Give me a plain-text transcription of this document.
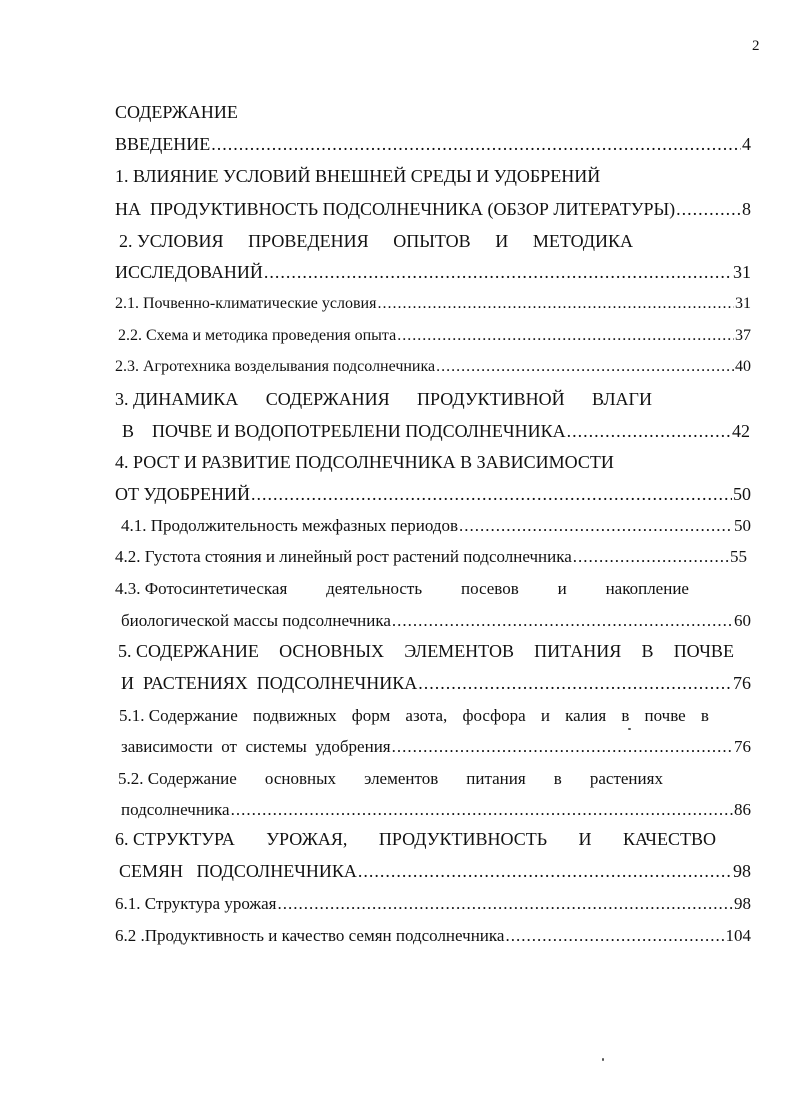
2
СОДЕРЖАНИЕ
ВВЕДЕНИЕ .....	4
1. ВЛИЯНИЕ УСЛОВИЙ ВНЕШНЕЙ СРЕДЫ И УДОБРЕНИЙ
НА  ПРОДУКТИВНОСТЬ ПОДСОЛНЕЧНИКА (ОБЗОР ЛИТЕРАТУРЫ) .....	8
2. УСЛОВИЯ ПРОВЕДЕНИЯ ОПЫТОВ И МЕТОДИКА
ИССЛЕДОВАНИЙ .....	31
2.1. Почвенно-климатические условия .....	31
2.2. Схема и методика проведения опыта .....	37
2.3. Агротехника возделывания подсолнечника .....	40
3. ДИНАМИКА СОДЕРЖАНИЯ ПРОДУКТИВНОЙ ВЛАГИ
В    ПОЧВЕ И ВОДОПОТРЕБЛЕНИ ПОДСОЛНЕЧНИКА .....	42
4. РОСТ И РАЗВИТИЕ ПОДСОЛНЕЧНИКА В ЗАВИСИМОСТИ
ОТ УДОБРЕНИЙ .....	50
4.1. Продолжительность межфазных периодов .....	50
4.2. Густота стояния и линейный рост растений подсолнечника .....	55
4.3. Фотосинтетическая деятельность посевов и накопление
биологической массы подсолнечника .....	60
5. СОДЕРЖАНИЕ ОСНОВНЫХ ЭЛЕМЕНТОВ ПИТАНИЯ В ПОЧВЕ
И  РАСТЕНИЯХ  ПОДСОЛНЕЧНИКА .....	76
5.1. Содержание подвижных форм азота, фосфора и калия в почве в
зависимости  от  системы  удобрения .....	76
5.2. Содержание основных элементов питания в растениях
подсолнечника .....	86
6. СТРУКТУРА УРОЖАЯ, ПРОДУКТИВНОСТЬ И КАЧЕСТВО
СЕМЯН   ПОДСОЛНЕЧНИКА .....	98
6.1. Структура урожая .....	98
6.2 .Продуктивность и качество семян подсолнечника .....	104
